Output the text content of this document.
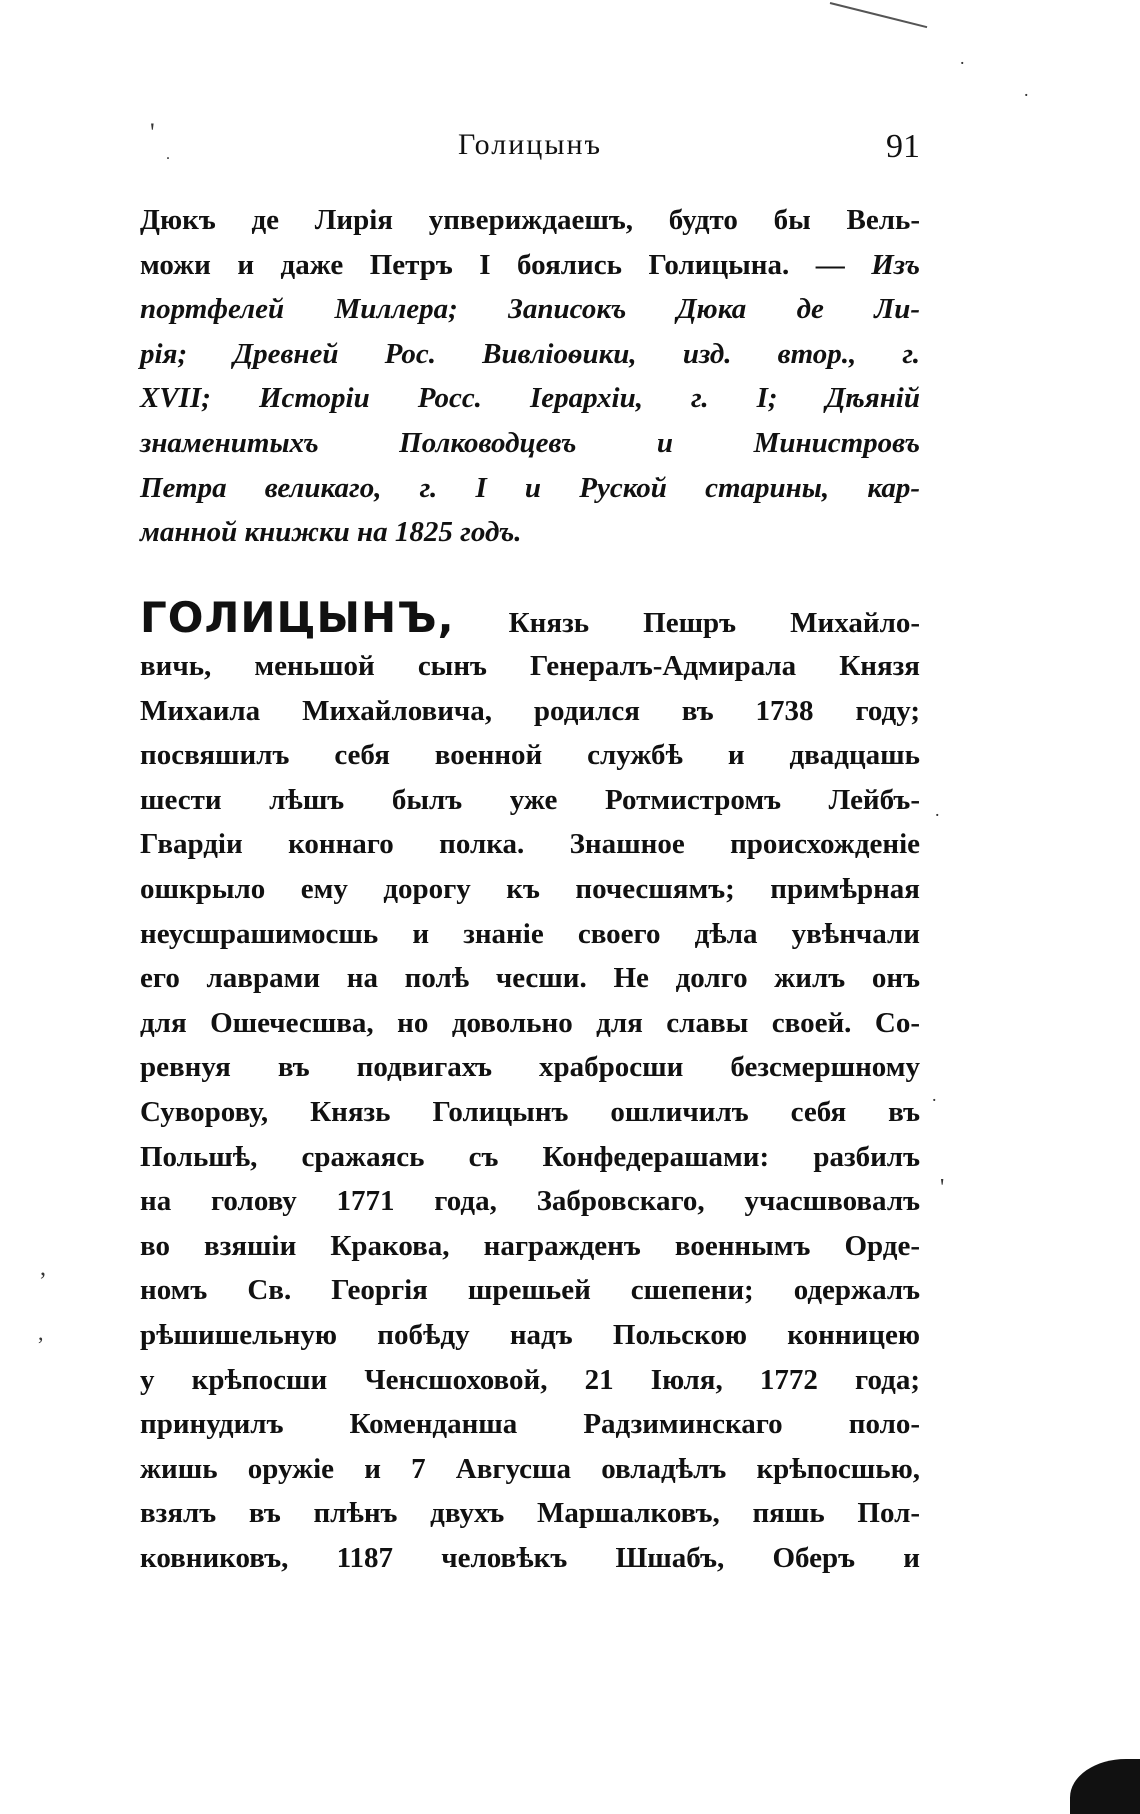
'
.
.
.
.
.
'
,
,
Голицынъ	91
Дюкъ де Лирія упвериждаешъ, будто бы Вель-
можи и даже Петръ I боялись Голицына. — Изъ
портфелей Миллера; Записокъ Дюка де Ли-
рія; Древней Рос. Вивліоѳики, изд. втор., г.
XVII; Исторіи Росс. Іерархіи, г. I; Дѣяній
знаменитыхъ Полководцевъ и Министровъ
Петра великаго, г. I и Руской старины, кар-
манной книжки на 1825 годъ.
ГОЛИЦЫНЪ, Князь Пешръ Михайло-
вичь, меньшой сынъ Генералъ-Адмирала Князя
Михаила Михайловича, родился въ 1738 году;
посвяшилъ себя военной службѣ и двадцашь
шести лѣшъ былъ уже Ротмистромъ Лейбъ-
Гвардіи коннаго полка. Знашное происхожденіе
ошкрыло ему дорогу къ почесшямъ; примѣрная
неусшрашимосшь и знаніе своего дѣла увѣнчали
его лаврами на полѣ чесши. Не долго жилъ онъ
для Ошечесшва, но довольно для славы своей. Со-
ревнуя въ подвигахъ храбросши безсмершному
Суворову, Князь Голицынъ ошличилъ себя въ
Польшѣ, сражаясь съ Конфедерашами: разбилъ
на голову 1771 года, Забровскаго, учасшвовалъ
во взяшіи Кракова, награжденъ военнымъ Орде-
номъ Св. Георгія шрешьей сшепени; одержалъ
рѣшишельную побѣду надъ Польскою конницею
у крѣпосши Ченсшоховой, 21 Іюля, 1772 года;
принудилъ Коменданша Радзиминскаго поло-
жишь оружіе и 7 Авгусша овладѣлъ крѣпосшью,
взялъ въ плѣнъ двухъ Маршалковъ, пяшь Пол-
ковниковъ, 1187 человѣкъ Шшабъ, Оберъ и
